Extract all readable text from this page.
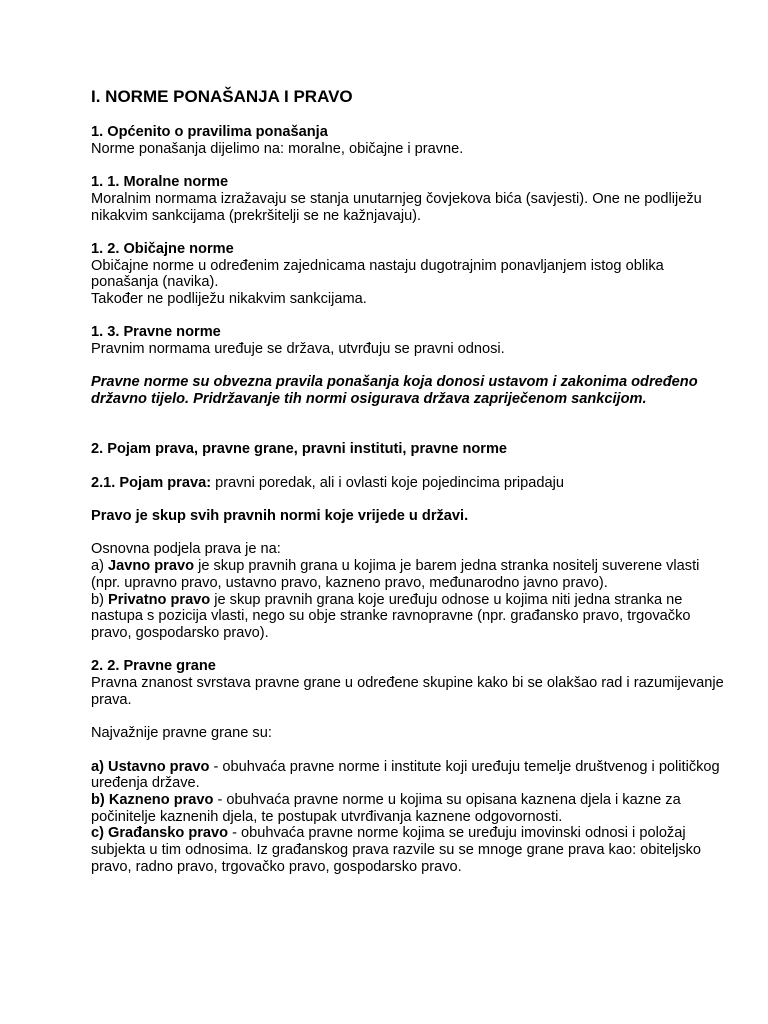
I. NORME PONAŠANJA I PRAVO

1. Općenito o pravilima ponašanja

Norme ponašanja dijelimo na: moralne, običajne i pravne.

1. 1. Moralne norme

Moralnim normama izražavaju se stanja unutarnjeg čovjekova bića (savjesti). One ne podliježu nikakvim sankcijama (prekršitelji se ne kažnjavaju).

1. 2. Običajne norme

Običajne norme u određenim zajednicama nastaju dugotrajnim ponavljanjem istog oblika ponašanja (navika).

Također ne podliježu nikakvim sankcijama.

1. 3. Pravne norme

Pravnim normama uređuje se država, utvrđuju se pravni odnosi.

Pravne norme su obvezna pravila ponašanja koja donosi ustavom i zakonima određeno državno tijelo. Pridržavanje tih normi osigurava država zapriječenom sankcijom.

2. Pojam prava, pravne grane, pravni instituti, pravne norme

2.1. Pojam prava: pravni poredak, ali i ovlasti koje pojedincima pripadaju

Pravo je skup svih pravnih normi koje vrijede u državi.

Osnovna podjela prava je na:

a) Javno pravo je skup pravnih grana u kojima je barem jedna stranka nositelj suverene vlasti (npr. upravno pravo, ustavno pravo, kazneno pravo, međunarodno javno pravo).

b) Privatno pravo je skup pravnih grana koje uređuju odnose u kojima niti jedna stranka ne nastupa s pozicija vlasti, nego su obje stranke ravnopravne (npr. građansko pravo, trgovačko pravo, gospodarsko pravo).

2. 2. Pravne grane

Pravna znanost svrstava pravne grane u određene skupine kako bi se olakšao rad i razumijevanje prava.

Najvažnije pravne grane su:

a) Ustavno pravo - obuhvaća pravne norme i institute koji uređuju temelje društvenog i političkog uređenja države.

b) Kazneno pravo - obuhvaća pravne norme u kojima su opisana kaznena djela i kazne za počinitelje kaznenih djela, te postupak utvrđivanja kaznene odgovornosti.

c) Građansko pravo - obuhvaća pravne norme kojima se uređuju imovinski odnosi i položaj subjekta u tim odnosima. Iz građanskog prava razvile su se mnoge grane prava kao: obiteljsko pravo, radno pravo, trgovačko pravo, gospodarsko pravo.
